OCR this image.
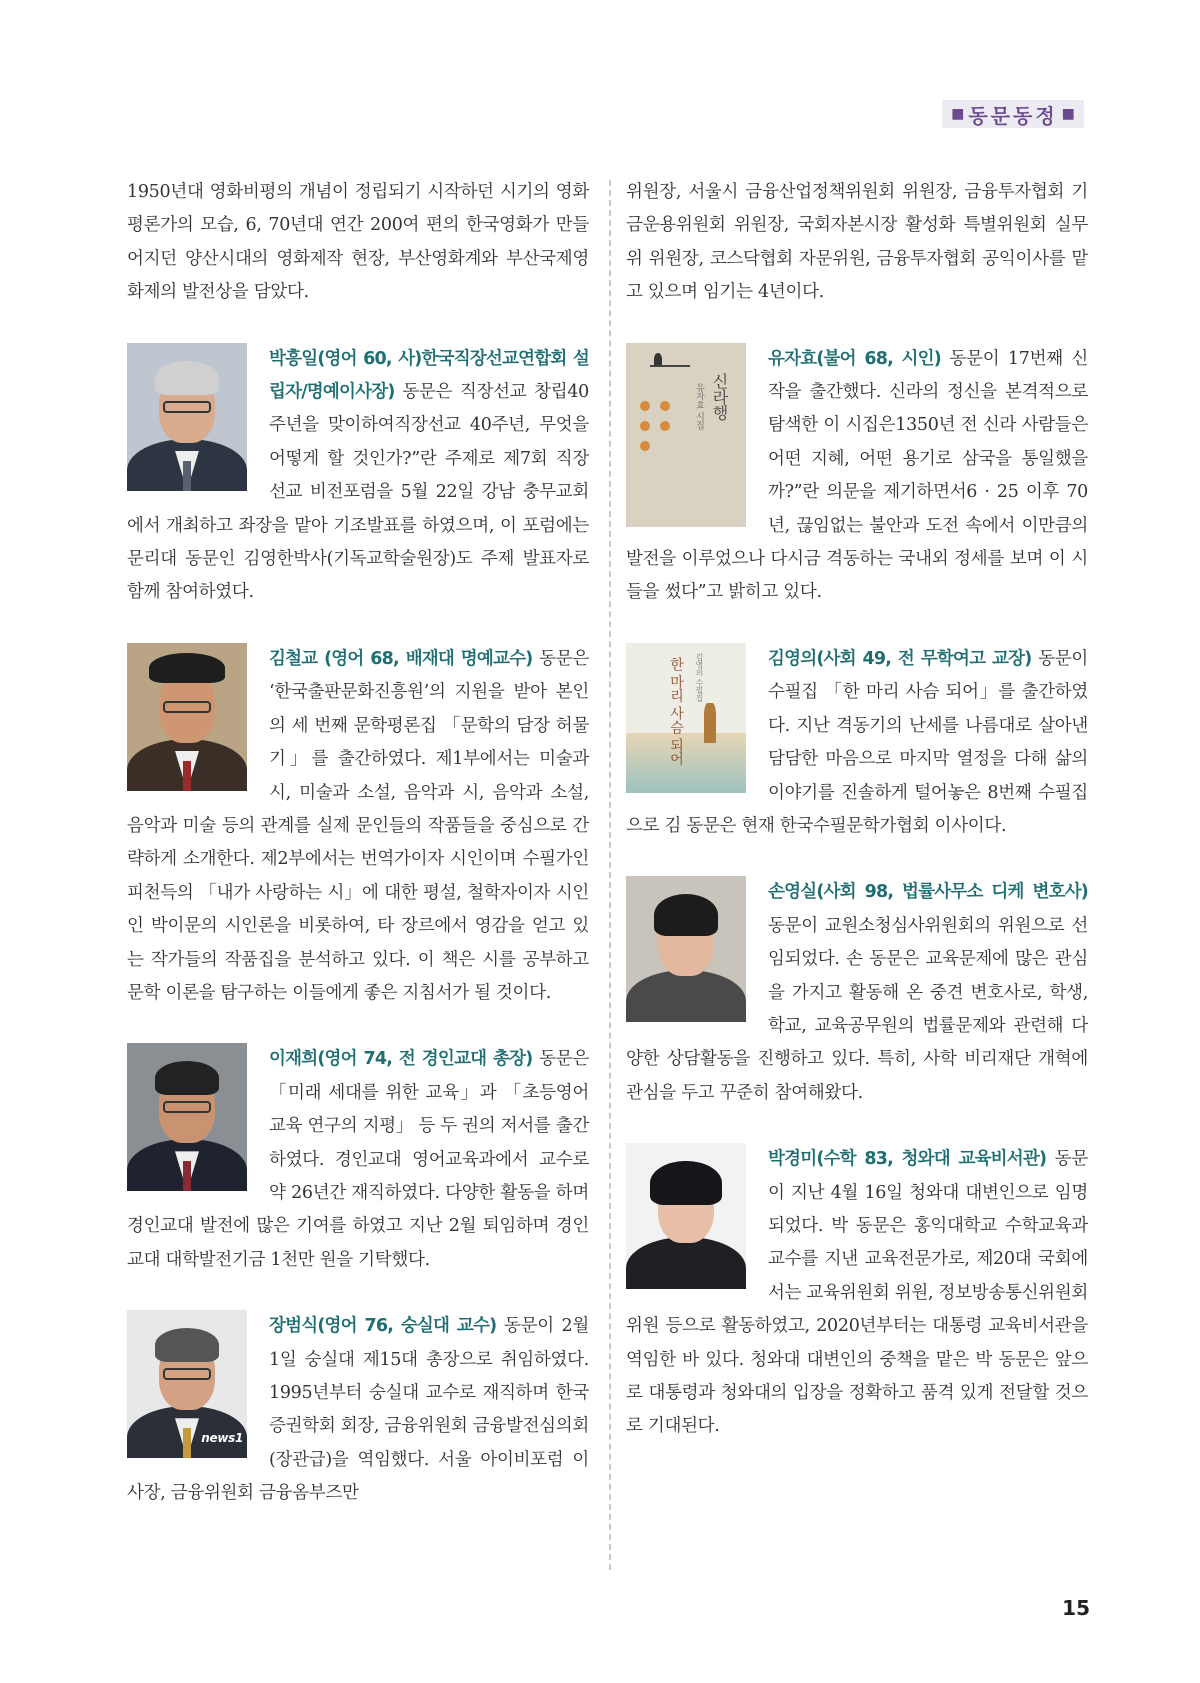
■ 동문동정 ■

1950년대 영화비평의 개념이 정립되기 시작하던 시기의 영화평론가의 모습, 6, 70년대 연간 200여 편의 한국영화가 만들어지던 양산시대의 영화제작 현장, 부산영화계와 부산국제영화제의 발전상을 담았다.

박흥일(영어 60, 사)한국직장선교연합회 설립자/명예이사장) 동문은 직장선교 창립40주년을 맞이하여직장선교 40주년, 무엇을 어떻게 할 것인가?”란 주제로 제7회 직장선교 비전포럼을 5월 22일 강남 충무교회에서 개최하고 좌장을 맡아 기조발표를 하였으며, 이 포럼에는 문리대 동문인 김영한박사(기독교학술원장)도 주제 발표자로 함께 참여하였다.

김철교 (영어 68, 배재대 명예교수) 동문은 ‘한국출판문화진흥원’의 지원을 받아 본인의 세 번째 문학평론집 「문학의 담장 허물기」를 출간하였다. 제1부에서는 미술과 시, 미술과 소설, 음악과 시, 음악과 소설, 음악과 미술 등의 관계를 실제 문인들의 작품들을 중심으로 간략하게 소개한다. 제2부에서는 번역가이자 시인이며 수필가인 피천득의 「내가 사랑하는 시」에 대한 평설, 철학자이자 시인인 박이문의 시인론을 비롯하여, 타 장르에서 영감을 얻고 있는 작가들의 작품집을 분석하고 있다. 이 책은 시를 공부하고 문학 이론을 탐구하는 이들에게 좋은 지침서가 될 것이다.

이재희(영어 74, 전 경인교대 총장) 동문은 「미래 세대를 위한 교육」과 「초등영어교육 연구의 지평」 등 두 권의 저서를 출간하였다. 경인교대 영어교육과에서 교수로 약 26년간 재직하였다. 다양한 활동을 하며 경인교대 발전에 많은 기여를 하였고 지난 2월 퇴임하며 경인교대 대학발전기금 1천만 원을 기탁했다.

news1

장범식(영어 76, 숭실대 교수) 동문이 2월 1일 숭실대 제15대 총장으로 취임하였다. 1995년부터 숭실대 교수로 재직하며 한국증권학회 회장, 금융위원회 금융발전심의회(장관급)을 역임했다. 서울 아이비포럼 이사장, 금융위원회 금융옴부즈만

위원장, 서울시 금융산업정책위원회 위원장, 금융투자협회 기금운용위원회 위원장, 국회자본시장 활성화 특별위원회 실무위 위원장, 코스닥협회 자문위원, 금융투자협회 공익이사를 맡고 있으며 임기는 4년이다.

신라행
유자효 시집

유자효(불어 68, 시인) 동문이 17번째 신작을 출간했다. 신라의 정신을 본격적으로 탐색한 이 시집은1350년 전 신라 사람들은 어떤 지혜, 어떤 용기로 삼국을 통일했을까?”란 의문을 제기하면서6 · 25 이후 70년, 끊임없는 불안과 도전 속에서 이만큼의 발전을 이루었으나 다시금 격동하는 국내외 정세를 보며 이 시들을 썼다”고 밝히고 있다.

한 마리 사슴 되어 김영의 수필집	김영의(사회 49, 전 무학여고 교장) 동문이 수필집 「한 마리 사슴 되어」를 출간하였다. 지난 격동기의 난세를 나름대로 살아낸 담담한 마음으로 마지막 열정을 다해 삶의 이야기를 진솔하게 털어놓은 8번째 수필집으로 김 동문은 현재 한국수필문학가협회 이사이다.

손영실(사회 98, 법률사무소 디케 변호사) 동문이 교원소청심사위원회의 위원으로 선임되었다. 손 동문은 교육문제에 많은 관심을 가지고 활동해 온 중견 변호사로, 학생, 학교, 교육공무원의 법률문제와 관련해 다양한 상담활동을 진행하고 있다. 특히, 사학 비리재단 개혁에 관심을 두고 꾸준히 참여해왔다.

박경미(수학 83, 청와대 교육비서관) 동문이 지난 4월 16일 청와대 대변인으로 임명되었다. 박 동문은 홍익대학교 수학교육과 교수를 지낸 교육전문가로, 제20대 국회에서는 교육위원회 위원, 정보방송통신위원회 위원 등으로 활동하였고, 2020년부터는 대통령 교육비서관을 역임한 바 있다. 청와대 대변인의 중책을 맡은 박 동문은 앞으로 대통령과 청와대의 입장을 정확하고 품격 있게 전달할 것으로 기대된다.

15
